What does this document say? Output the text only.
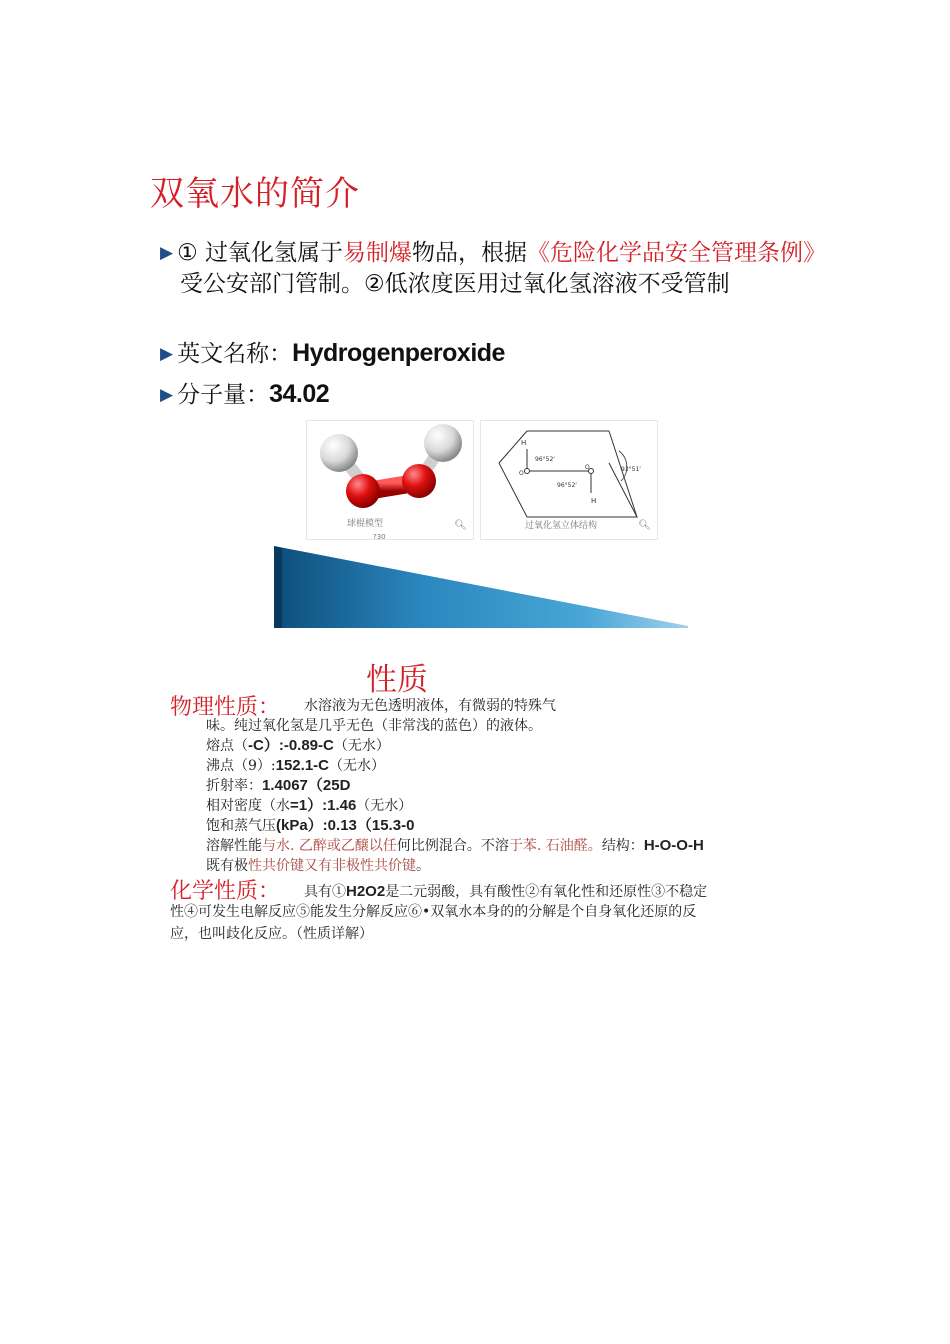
双氧水的简介
▶ ① 过氧化氢属于易制爆物品，根据《危险化学品安全管理条例》受公安部门管制。②低浓度医用过氧化氢溶液不受管制
▶ 英文名称：Hydrogenperoxide
▶ 分子量：34.02
球棍模型
?30
🔍︎
H
96°52'
O
O
96°52'
H
93°51'
过氧化氢立体结构	🔍︎
性质
物理性质： 水溶液为无色透明液体，有微弱的特殊气
味。纯过氧化氢是几乎无色（非常浅的蓝色）的液体。
熔点（-C）:-0.89-C（无水）
沸点（9）:152.1-C（无水）
折射率：1.4067（25D
相对密度（水=1）:1.46（无水）
饱和蒸气压(kPa）:0.13（15.3-0
溶解性能与水. 乙醉或乙醸以任何比例混合。不溶于苯. 石油醛。结构：H-O-O-H
既有极性共价键又有非极性共价键。
化学性质： 具有①H2O2是二元弱酸，具有酸性②有氧化性和还原性③不稳定
性④可发生电解反应⑤能发生分解反应⑥•双氧水本身的的分解是个自身氧化还原的反
应，也叫歧化反应。（性质详解）
